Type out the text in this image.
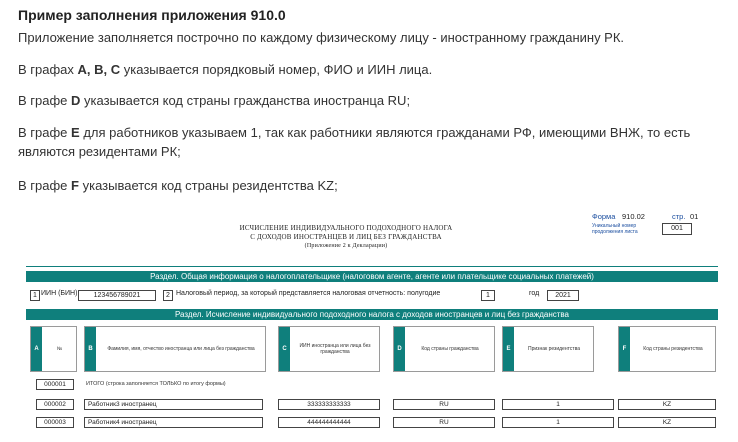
Пример заполнения приложения 910.0

Приложение заполняется построчно по каждому физическому лицу - иностранному гражданину РК.

В графах A, B, C указывается порядковый номер, ФИО и ИИН лица.

В графе D указывается код страны гражданства иностранца RU;

В графе E для работников указываем 1, так как работники являются гражданами РФ, имеющими ВНЖ, то есть являются резидентами РК;

В графе F указывается код страны резидентства KZ;

Форма 910.02	стр. 01
Уникальный номер продолжения листа	001
ИСЧИСЛЕНИЕ ИНДИВИДУАЛЬНОГО ПОДОХОДНОГО НАЛОГА
С ДОХОДОВ ИНОСТРАНЦЕВ И ЛИЦ БЕЗ ГРАЖДАНСТВА
(Приложение 2 к Декларации)
Раздел. Общая информация о налогоплательщике (налоговом агенте, агенте или плательщике социальных платежей)
1 ИИН (БИН)	123456789021	2 Налоговый период, за который представляется налоговая отчетность: полугодие	1	год	2021
Раздел. Исчисление индивидуального подоходного налога с доходов иностранцев и лиц без гражданства
A	№	B	Фамилия, имя, отчество иностранца или лица без гражданства	C	ИИН иностранца или лица без гражданства	D	Код страны гражданства	E	Признак резидентства	F	Код страны резидентства
000001	ИТОГО (строка заполняется ТОЛЬКО по итогу формы)
000002	Работник3 иностранец	333333333333	RU	1	KZ
000003	Работник4 иностранец	444444444444	RU	1	KZ
